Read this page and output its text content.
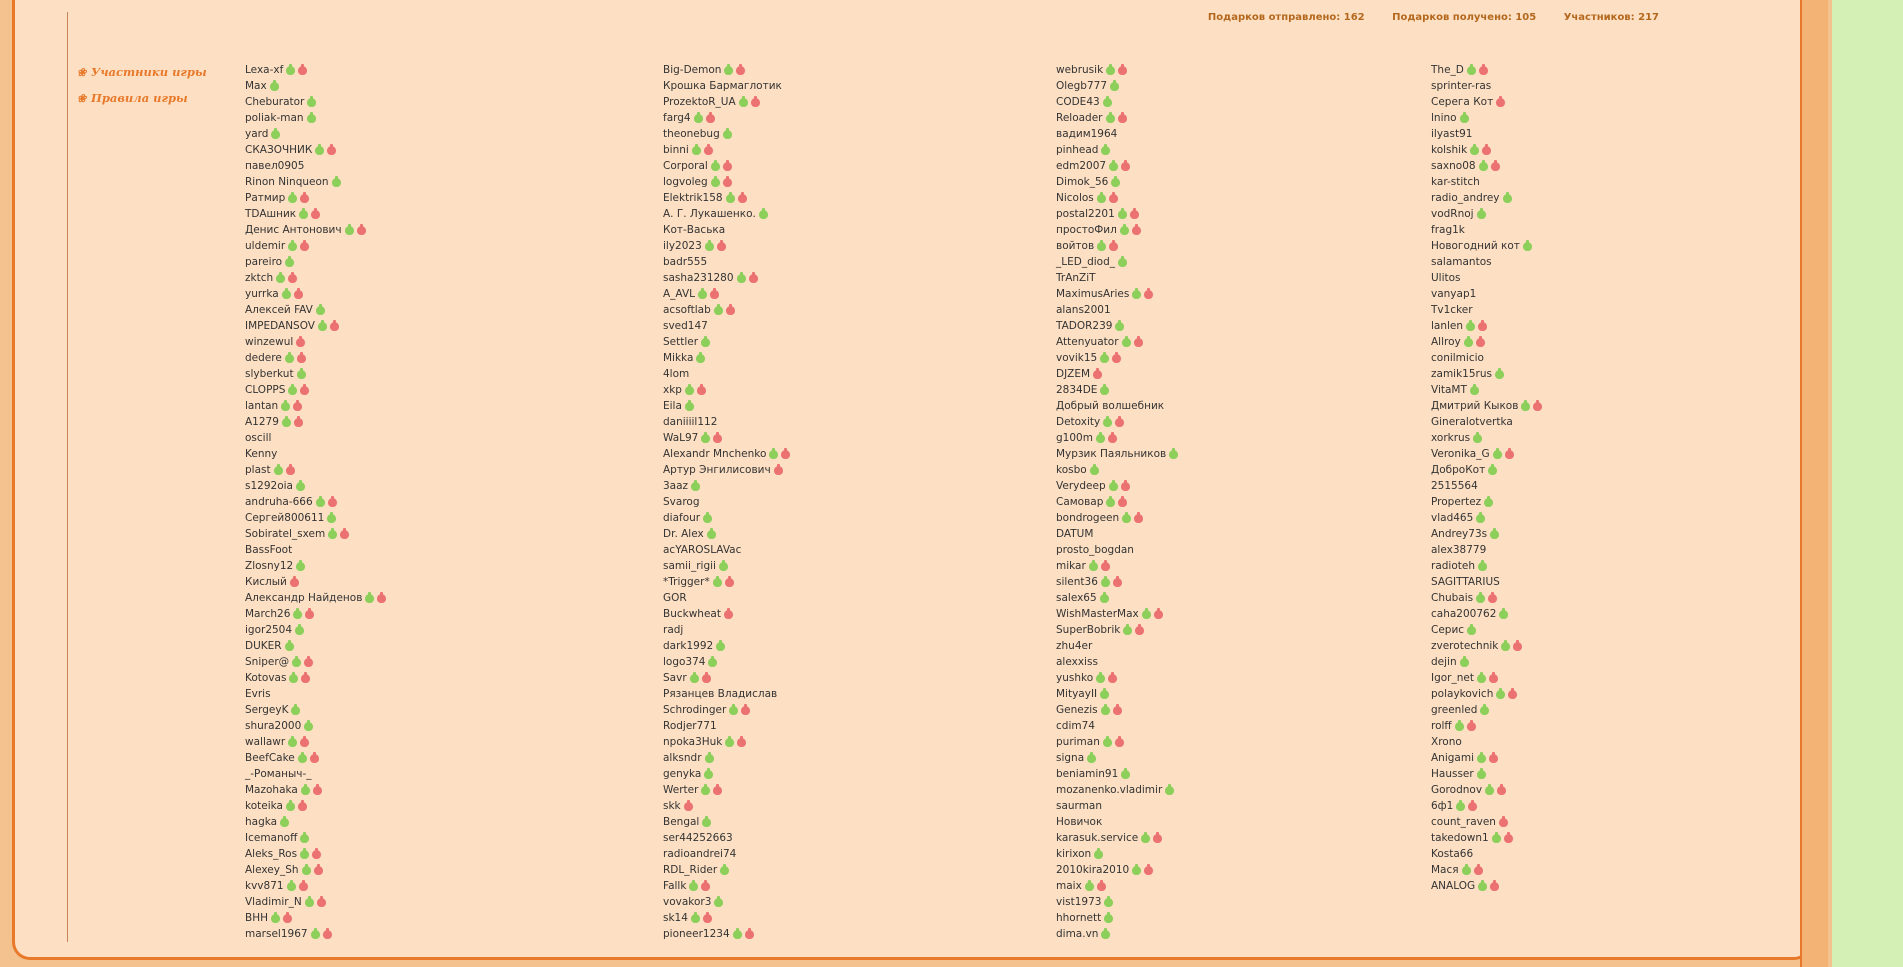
Подарков отправлено: 162	Подарков получено: 105	Участников: 217
❀ Участники игры
❀ Правила игры
Lexa-xf
Max
Cheburator
poliak-man
yard
СКАЗОЧНИК
павел0905
Rinon Ninqueon
Ратмир
TDAшник
Денис Антонович
uldemir
pareiro
zktch
yurrka
Алексей FAV
IMPEDANSOV
winzewul
dedere
slyberkut
CLOPPS
lantan
A1279
oscill
Kenny
plast
s1292oia
andruha-666
Сергей800611
Sobiratel_sxem
BassFoot
Zlosny12
Кислый
Александр Найденов
March26
igor2504
DUKER
Sniper@
Kotovas
Evris
SergeyK
shura2000
wallawr
BeefCake
_-Романыч-_
Mazohaka
koteika
hagka
Icemanoff
Aleks_Ros
Alexey_Sh
kvv871
Vladimir_N
BHH
marsel1967
Big-Demon
Крошка Бармаглотик
ProzektoR_UA
farg4
theonebug
binni
Corporal
logvoleg
Elektrik158
А. Г. Лукашенко.
Кот-Васька
ily2023
badr555
sasha231280
A_AVL
acsoftlab
sved147
Settler
Mikka
4lom
xkp
Eila
daniiiil112
WaL97
Alexandr Mnchenko
Артур Энгилисович
3aaz
Svarog
diafour
Dr. Alex
acYAROSLAVac
samii_rigii
*Trigger*
GOR
Buckwheat
radj
dark1992
logo374
Savr
Рязанцев Владислав
Schrodinger
Rodjer771
npoka3Huk
alksndr
genyka
Werter
skk
Bengal
ser44252663
radioandrei74
RDL_Rider
Fallk
vovakor3
sk14
pioneer1234
webrusik
Olegb777
CODE43
Reloader
вадим1964
pinhead
edm2007
Dimok_56
Nicolos
postal2201
простоФил
войтов
_LED_diod_
TrAnZiT
MaximusAries
alans2001
TADOR239
Attenyuator
vovik15
DJZEM
2834DE
Добрый волшебник
Detoxity
g100m
Мурзик Паяльников
kosbo
Verydeep
Самовар
bondrogeen
DATUM
prosto_bogdan
mikar
silent36
salex65
WishMasterMax
SuperBobrik
zhu4er
alexxiss
yushko
MityayII
Genezis
cdim74
puriman
signa
beniamin91
mozanenko.vladimir
saurman
Новичок
karasuk.service
kirixon
2010kira2010
maix
vist1973
hhornett
dima.vn
The_D
sprinter-ras
Серега Кот
lnino
ilyast91
kolshik
saxno08
kar-stitch
radio_andrey
vodRnoj
frag1k
Новогодний кот
salamantos
Ulitos
vanyap1
Tv1cker
lanlen
Allroy
conilmicio
zamik15rus
VitaMT
Дмитрий Кыков
Gineralotvertka
xorkrus
Veronika_G
ДоброКот
2515564
Propertez
vlad465
Andrey73s
alex38779
radioteh
SAGITTARIUS
Chubais
caha200762
Серис
zverotechnik
dejin
Igor_net
polaykovich
greenled
rolff
Xrono
Anigami
Hausser
Gorodnov
6ф1
count_raven
takedown1
Kosta66
Мася
ANALOG
